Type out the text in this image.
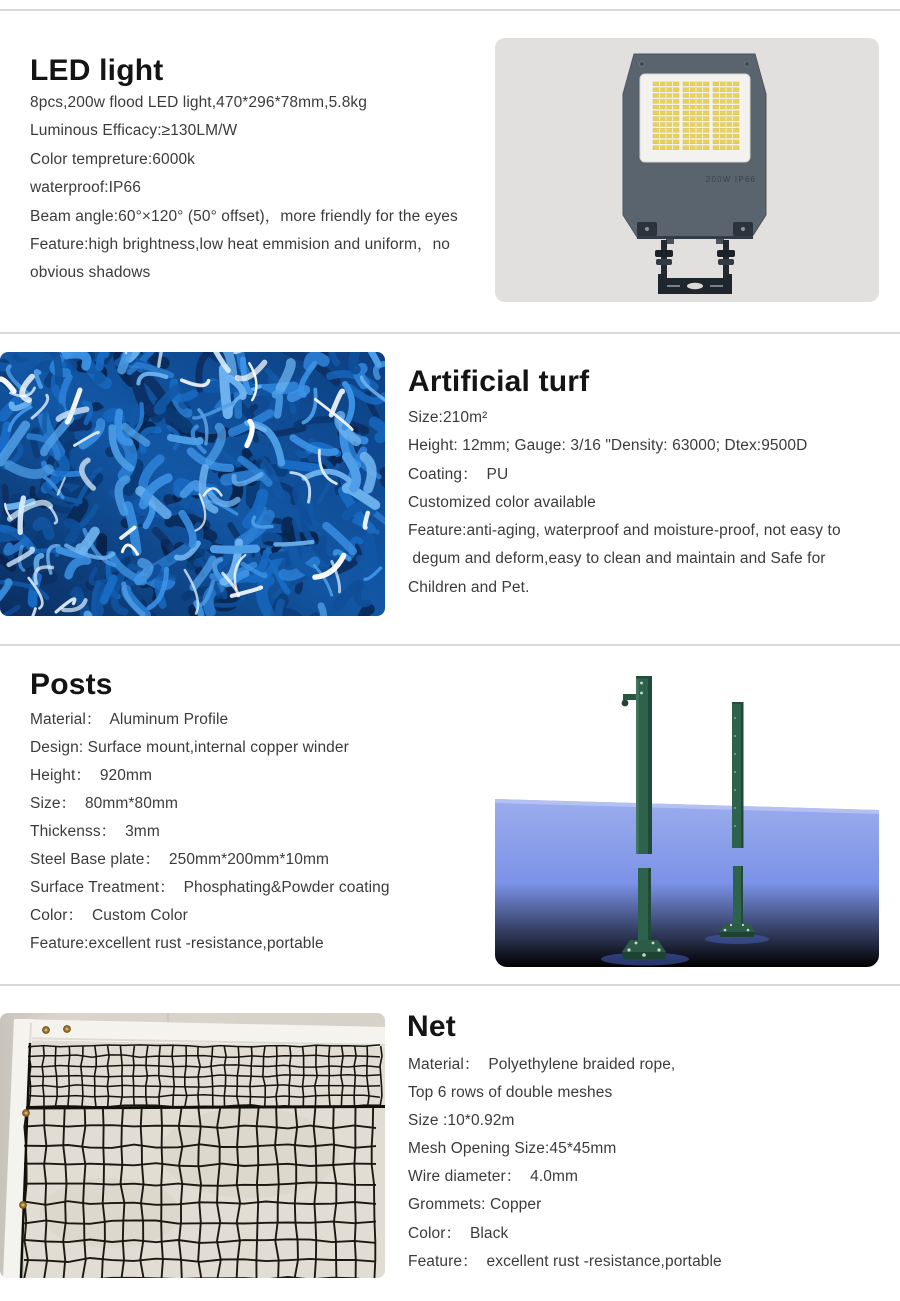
LED light
8pcs,200w flood LED light,470*296*78mm,5.8kg
Luminous Efficacy:≥130LM/W
Color tempreture:6000k
waterproof:IP66
Beam angle:60°×120° (50° offset)，more friendly for the eyes
Feature:high brightness,low heat emmision and uniform，no
obvious shadows
200W IP66
Artificial turf
Size:210m²
Height: 12mm; Gauge: 3/16 "Density: 63000; Dtex:9500D
Coating：  PU
Customized color available
Feature:anti-aging, waterproof and moisture-proof, not easy to
degum and deform,easy to clean and maintain and Safe for
Children and Pet.
Posts
Material：  Aluminum Profile
Design: Surface mount,internal copper winder
Height：  920mm
Size：  80mm*80mm
Thickenss：  3mm
Steel Base plate：  250mm*200mm*10mm
Surface Treatment：  Phosphating&Powder coating
Color：  Custom Color
Feature:excellent rust -resistance,portable
Net
Material：  Polyethylene braided rope,
Top 6 rows of double meshes
Size :10*0.92m
Mesh Opening Size:45*45mm
Wire diameter：  4.0mm
Grommets: Copper
Color：  Black
Feature：  excellent rust -resistance,portable
